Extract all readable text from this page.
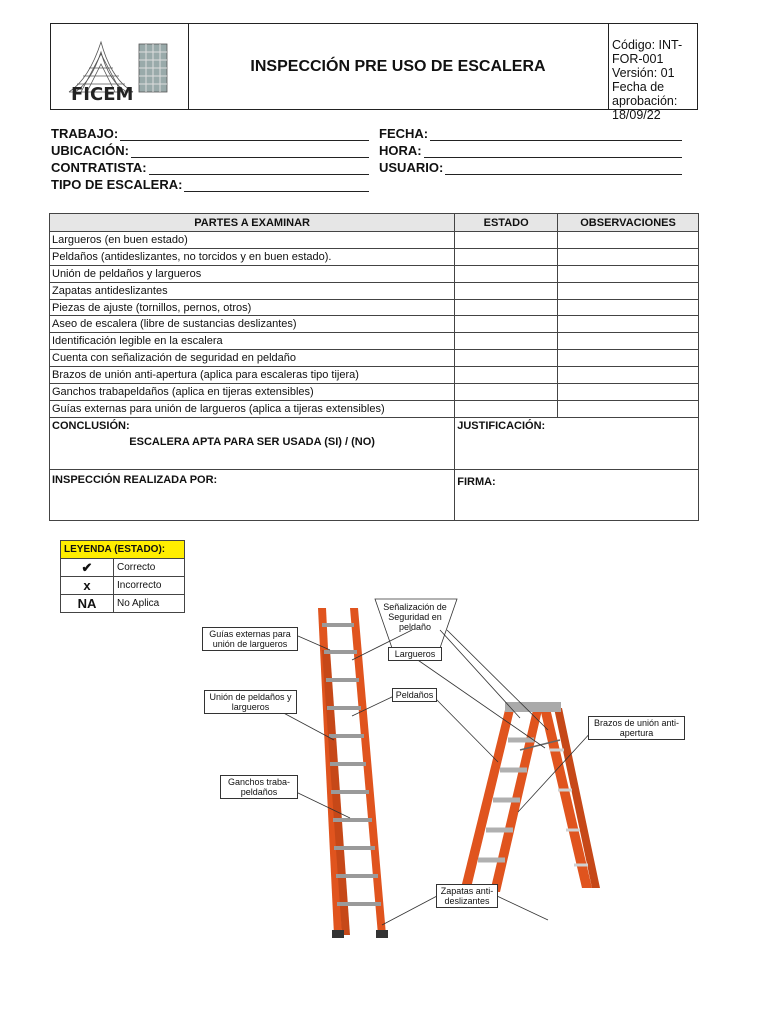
FICEM
INSPECCIÓN PRE USO DE ESCALERA
Código: INT-FOR-001
Versión: 01
Fecha de aprobación:
18/09/22
TRABAJO:
UBICACIÓN:
CONTRATISTA:
TIPO DE ESCALERA:
FECHA:
HORA:
USUARIO:
PARTES A EXAMINAR	ESTADO	OBSERVACIONES
Largueros (en buen estado)		
Peldaños (antideslizantes, no torcidos y en buen estado).		
Unión de peldaños y largueros		
Zapatas antideslizantes		
Piezas de ajuste (tornillos, pernos, otros)		
Aseo de escalera (libre de sustancias deslizantes)		
Identificación legible en la escalera		
Cuenta con señalización de seguridad en peldaño		
Brazos de unión anti-apertura (aplica para escaleras tipo tijera)		
Ganchos trabapeldaños (aplica en tijeras extensibles)		
Guías externas para unión de largueros (aplica a tijeras extensibles)		

CONCLUSIÓN:
ESCALERA APTA PARA SER USADA (SI) / (NO)	JUSTIFICACIÓN:	

INSPECCIÓN REALIZADA POR:	FIRMA:	
LEYENDA (ESTADO):	
✔	Correcto
x	Incorrecto
NA	No Aplica
Guías externas para unión de largueros
Señalización de Seguridad en peldaño
Largueros
Peldaños
Unión de peldaños y largueros
Brazos de unión anti-apertura
Ganchos traba-peldaños
Zapatas anti-deslizantes
